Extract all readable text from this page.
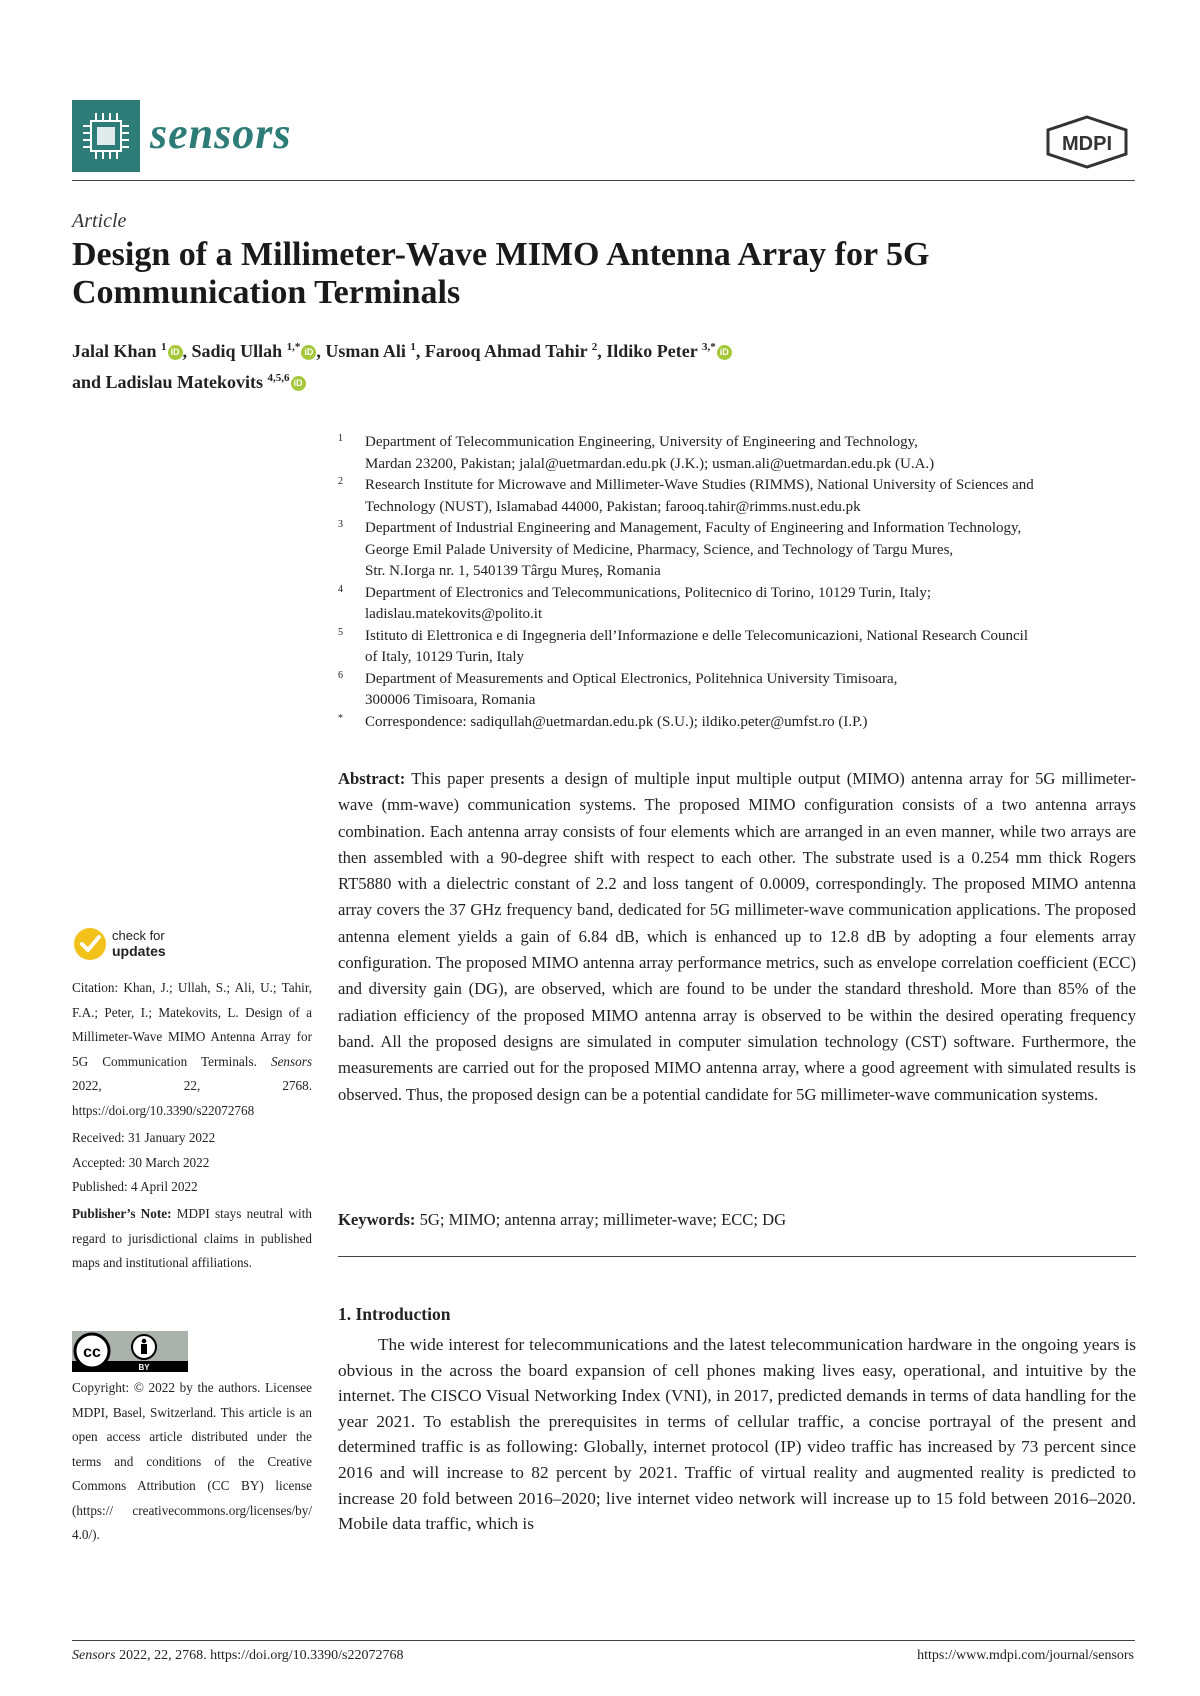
sensors	MDPI
Article
Design of a Millimeter-Wave MIMO Antenna Array for 5G
Communication Terminals
Jalal Khan $^1$ iD , Sadiq Ullah $^{1,*}$ iD , Usman Ali $^1$, Farooq Ahmad Tahir $^2$, Ildiko Peter $^{3,*}$ iD
and Ladislau Matekovits $^{4,5,6}$ iD
1 Department of Telecommunication Engineering, University of Engineering and Technology,
Mardan 23200, Pakistan; jalal@uetmardan.edu.pk (J.K.); usman.ali@uetmardan.edu.pk (U.A.)
2 Research Institute for Microwave and Millimeter-Wave Studies (RIMMS), National University of Sciences and
Technology (NUST), Islamabad 44000, Pakistan; farooq.tahir@rimms.nust.edu.pk
3 Department of Industrial Engineering and Management, Faculty of Engineering and Information Technology,
George Emil Palade University of Medicine, Pharmacy, Science, and Technology of Targu Mures,
Str. N.Iorga nr. 1, 540139 Târgu Mureș, Romania
4 Department of Electronics and Telecommunications, Politecnico di Torino, 10129 Turin, Italy;
ladislau.matekovits@polito.it
5 Istituto di Elettronica e di Ingegneria dell’Informazione e delle Telecomunicazioni, National Research Council
of Italy, 10129 Turin, Italy
6 Department of Measurements and Optical Electronics, Politehnica University Timisoara,
300006 Timisoara, Romania
* Correspondence: sadiqullah@uetmardan.edu.pk (S.U.); ildiko.peter@umfst.ro (I.P.)
Abstract: This paper presents a design of multiple input multiple output (MIMO) antenna array for 5G millimeter-wave (mm-wave) communication systems. The proposed MIMO configuration consists of a two antenna arrays combination. Each antenna array consists of four elements which are arranged in an even manner, while two arrays are then assembled with a 90-degree shift with respect to each other. The substrate used is a 0.254 mm thick Rogers RT5880 with a dielectric constant of 2.2 and loss tangent of 0.0009, correspondingly. The proposed MIMO antenna array covers the 37 GHz frequency band, dedicated for 5G millimeter-wave communication applications. The proposed antenna element yields a gain of 6.84 dB, which is enhanced up to 12.8 dB by adopting a four elements array configuration. The proposed MIMO antenna array performance metrics, such as envelope correlation coefficient (ECC) and diversity gain (DG), are observed, which are found to be under the standard threshold. More than 85% of the radiation efficiency of the proposed MIMO antenna array is observed to be within the desired operating frequency band. All the proposed designs are simulated in computer simulation technology (CST) software. Furthermore, the measurements are carried out for the proposed MIMO antenna array, where a good agreement with simulated results is observed. Thus, the proposed design can be a potential candidate for 5G millimeter-wave communication systems.
Keywords: 5G; MIMO; antenna array; millimeter-wave; ECC; DG
1. Introduction
The wide interest for telecommunications and the latest telecommunication hardware in the ongoing years is obvious in the across the board expansion of cell phones making lives easy, operational, and intuitive by the internet. The CISCO Visual Networking Index (VNI), in 2017, predicted demands in terms of data handling for the year 2021. To establish the prerequisites in terms of cellular traffic, a concise portrayal of the present and determined traffic is as following: Globally, internet protocol (IP) video traffic has increased by 73 percent since 2016 and will increase to 82 percent by 2021. Traffic of virtual reality and augmented reality is predicted to increase 20 fold between 2016–2020; live internet video network will increase up to 15 fold between 2016–2020. Mobile data traffic, which is
check for
updates
Citation: Khan, J.; Ullah, S.; Ali, U.; Tahir, F.A.; Peter, I.; Matekovits, L. Design of a Millimeter-Wave MIMO Antenna Array for 5G Communication Terminals. Sensors 2022, 22, 2768. https://doi.org/10.3390/s22072768
Received: 31 January 2022
Accepted: 30 March 2022
Published: 4 April 2022
Publisher’s Note: MDPI stays neutral with regard to jurisdictional claims in published maps and institutional affiliations.
cc
BY
Copyright: © 2022 by the authors. Licensee MDPI, Basel, Switzerland. This article is an open access article distributed under the terms and conditions of the Creative Commons Attribution (CC BY) license (https:// creativecommons.org/licenses/by/ 4.0/).
Sensors 2022, 22, 2768. https://doi.org/10.3390/s22072768	https://www.mdpi.com/journal/sensors
